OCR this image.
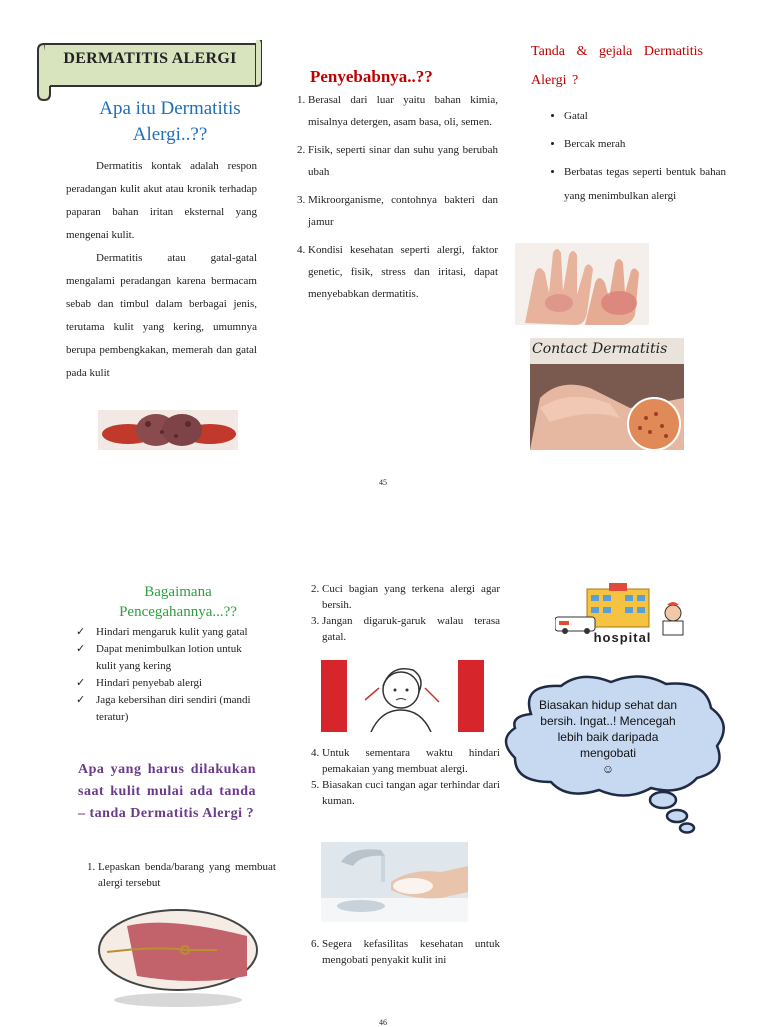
DERMATITIS ALERGI
Apa itu Dermatitis Alergi..??

Dermatitis kontak adalah respon peradangan kulit akut atau kronik terhadap paparan bahan iritan eksternal yang mengenai kulit.

Dermatitis atau gatal-gatal mengalami peradangan karena bermacam sebab dan timbul dalam berbagai jenis, terutama kulit yang kering, umumnya berupa pembengkakan, memerah dan gatal pada kulit

Penyebabnya..??
1. Berasal dari luar yaitu bahan kimia, misalnya detergen, asam basa, oli, semen.
2. Fisik, seperti sinar dan suhu yang berubah ubah
3. Mikroorganisme, contohnya bakteri dan jamur
4. Kondisi kesehatan seperti alergi, faktor genetic, fisik, stress dan iritasi, dapat menyebabkan dermatitis.
Tanda & gejala Dermatitis Alergi ?
• Gatal
• Bercak merah
• Berbatas tegas seperti bentuk bahan yang menimbulkan alergi
Contact Dermatitis
45
Bagaimana Pencegahannya...??
✓ Hindari mengaruk kulit yang gatal
✓ Dapat menimbulkan lotion untuk kulit yang kering
✓ Hindari penyebab alergi
✓ Jaga kebersihan diri sendiri (mandi teratur)
Apa yang harus dilakukan saat kulit mulai ada tanda – tanda Dermatitis Alergi ?
1. Lepaskan benda/barang yang membuat alergi tersebut
2. Cuci bagian yang terkena alergi agar bersih.
3. Jangan digaruk-garuk walau terasa gatal.
4. Untuk sementara waktu hindari pemakaian yang membuat alergi.
5. Biasakan cuci tangan agar terhindar dari kuman.
6. Segera kefasilitas kesehatan untuk mengobati penyakit kulit ini
hospital
Biasakan hidup sehat dan bersih. Ingat..! Mencegah lebih baik daripada mengobati
☺
46
